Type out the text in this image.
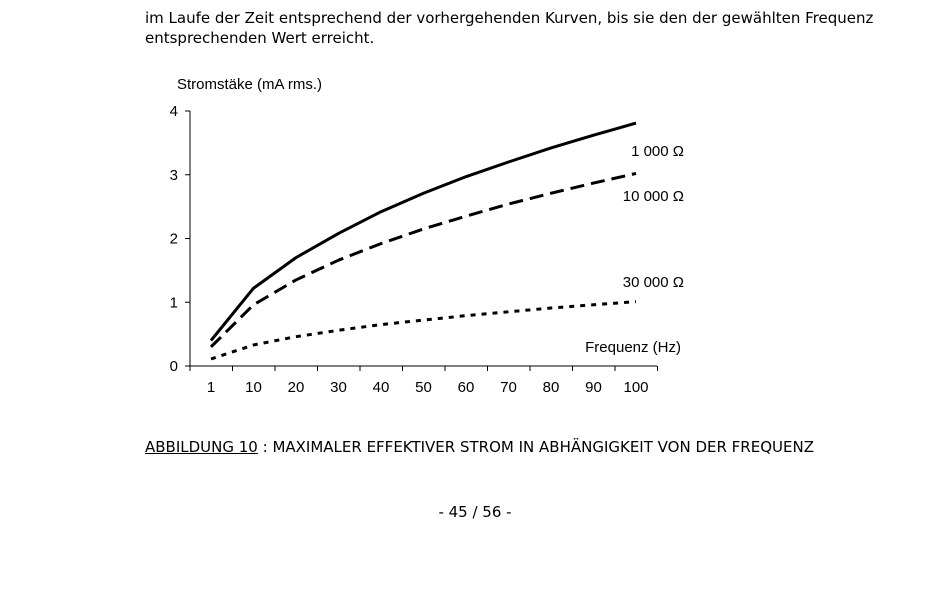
im Laufe der Zeit entsprechend der vorhergehenden Kurven, bis sie den der gewählten Frequenz

entsprechenden Wert erreicht.

0
1
2
3
4
1 10 20 30 40 50 60 70 80 90 100
Stromstäke (mA rms.)
Frequenz (Hz)
1 000 Ω
10 000 Ω
30 000 Ω
ABBILDUNG 10 : MAXIMALER EFFEKTIVER STROM IN ABHÄNGIGKEIT VON DER FREQUENZ
- 45 / 56 -
